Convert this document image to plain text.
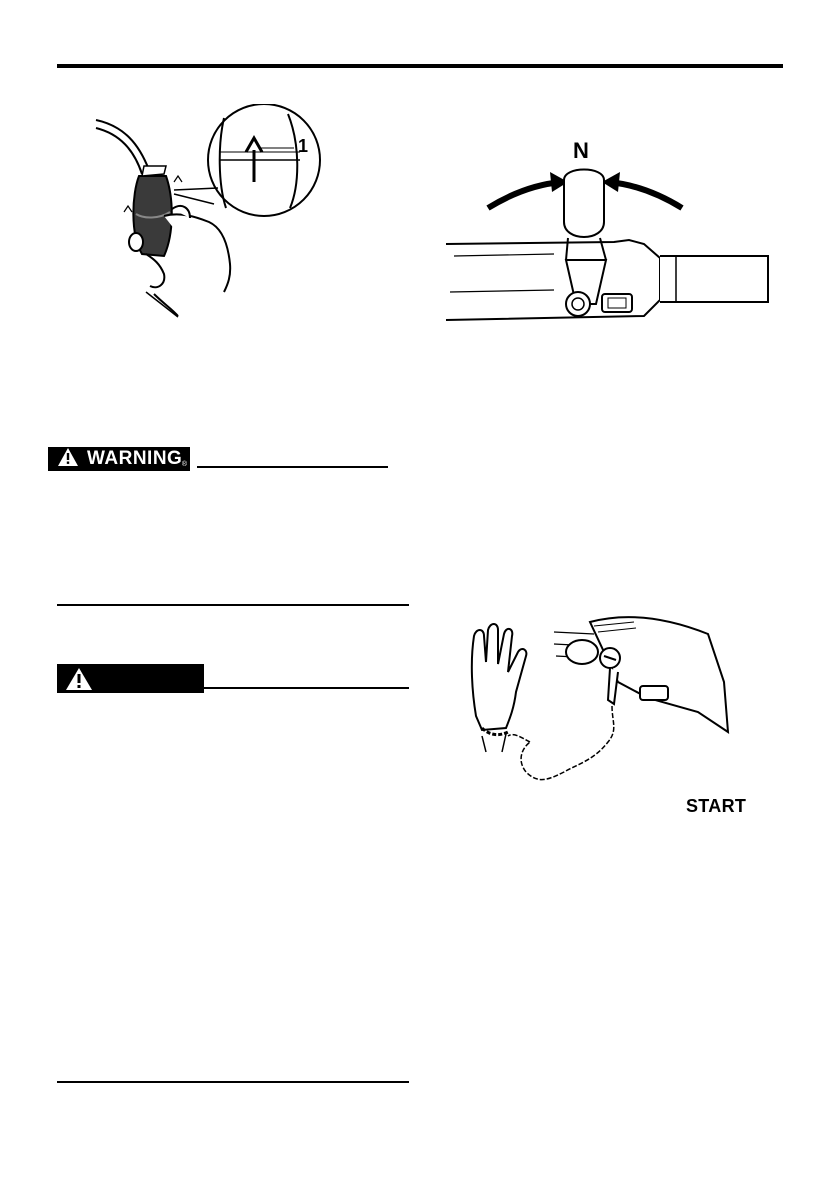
1	N
WARNING ®
START
